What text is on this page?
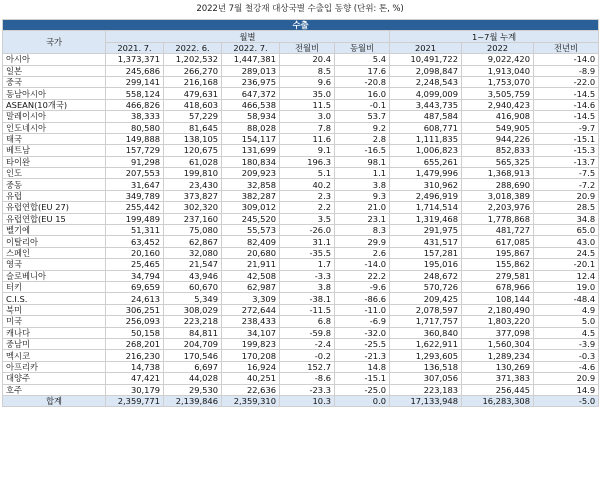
2022년 7월 철강재 대상국별 수출입 동향 (단위: 톤, %)
수출								
국가	월별					1~7월 누계		
	2021. 7.	2022. 6.	2022. 7.	전월비	동월비	2021	2022	전년비
아시아	1,373,371	1,202,532	1,447,381	20.4	5.4	10,491,722	9,022,420	-14.0
일본	245,686	266,270	289,013	8.5	17.6	2,098,847	1,913,040	-8.9
중국	299,141	216,168	236,975	9.6	-20.8	2,248,543	1,753,070	-22.0
동남아시아	558,124	479,631	647,372	35.0	16.0	4,099,009	3,505,759	-14.5
ASEAN(10개국)	466,826	418,603	466,538	11.5	-0.1	3,443,735	2,940,423	-14.6
말레이시아	38,333	57,229	58,934	3.0	53.7	487,584	416,908	-14.5
인도네시아	80,580	81,645	88,028	7.8	9.2	608,771	549,905	-9.7
태국	149,888	138,105	154,117	11.6	2.8	1,111,835	944,226	-15.1
베트남	157,729	120,675	131,699	9.1	-16.5	1,006,823	852,833	-15.3
타이완	91,298	61,028	180,834	196.3	98.1	655,261	565,325	-13.7
인도	207,553	199,810	209,923	5.1	1.1	1,479,996	1,368,913	-7.5
중동	31,647	23,430	32,858	40.2	3.8	310,962	288,690	-7.2
유럽	349,789	373,827	382,287	2.3	9.3	2,496,919	3,018,389	20.9
유럽연합(EU 27)	255,442	302,320	309,012	2.2	21.0	1,714,514	2,203,976	28.5
유럽연합(EU 15	199,489	237,160	245,520	3.5	23.1	1,319,468	1,778,868	34.8
벨기에	51,311	75,080	55,573	-26.0	8.3	291,975	481,727	65.0
이탈리아	63,452	62,867	82,409	31.1	29.9	431,517	617,085	43.0
스페인	20,160	32,080	20,680	-35.5	2.6	157,281	195,867	24.5
영국	25,465	21,547	21,911	1.7	-14.0	195,016	155,862	-20.1
슬로베니아	34,794	43,946	42,508	-3.3	22.2	248,672	279,581	12.4
터키	69,659	60,670	62,987	3.8	-9.6	570,726	678,966	19.0
C.I.S.	24,613	5,349	3,309	-38.1	-86.6	209,425	108,144	-48.4
북미	306,251	308,029	272,644	-11.5	-11.0	2,078,597	2,180,490	4.9
미국	256,093	223,218	238,433	6.8	-6.9	1,717,757	1,803,220	5.0
캐나다	50,158	84,811	34,107	-59.8	-32.0	360,840	377,098	4.5
중남미	268,201	204,709	199,823	-2.4	-25.5	1,622,911	1,560,304	-3.9
멕시코	216,230	170,546	170,208	-0.2	-21.3	1,293,605	1,289,234	-0.3
아프리카	14,738	6,697	16,924	152.7	14.8	136,518	130,269	-4.6
대양주	47,421	44,028	40,251	-8.6	-15.1	307,056	371,383	20.9
호주	30,179	29,530	22,636	-23.3	-25.0	223,183	256,445	14.9
합계	2,359,771	2,139,846	2,359,310	10.3	0.0	17,133,948	16,283,308	-5.0
